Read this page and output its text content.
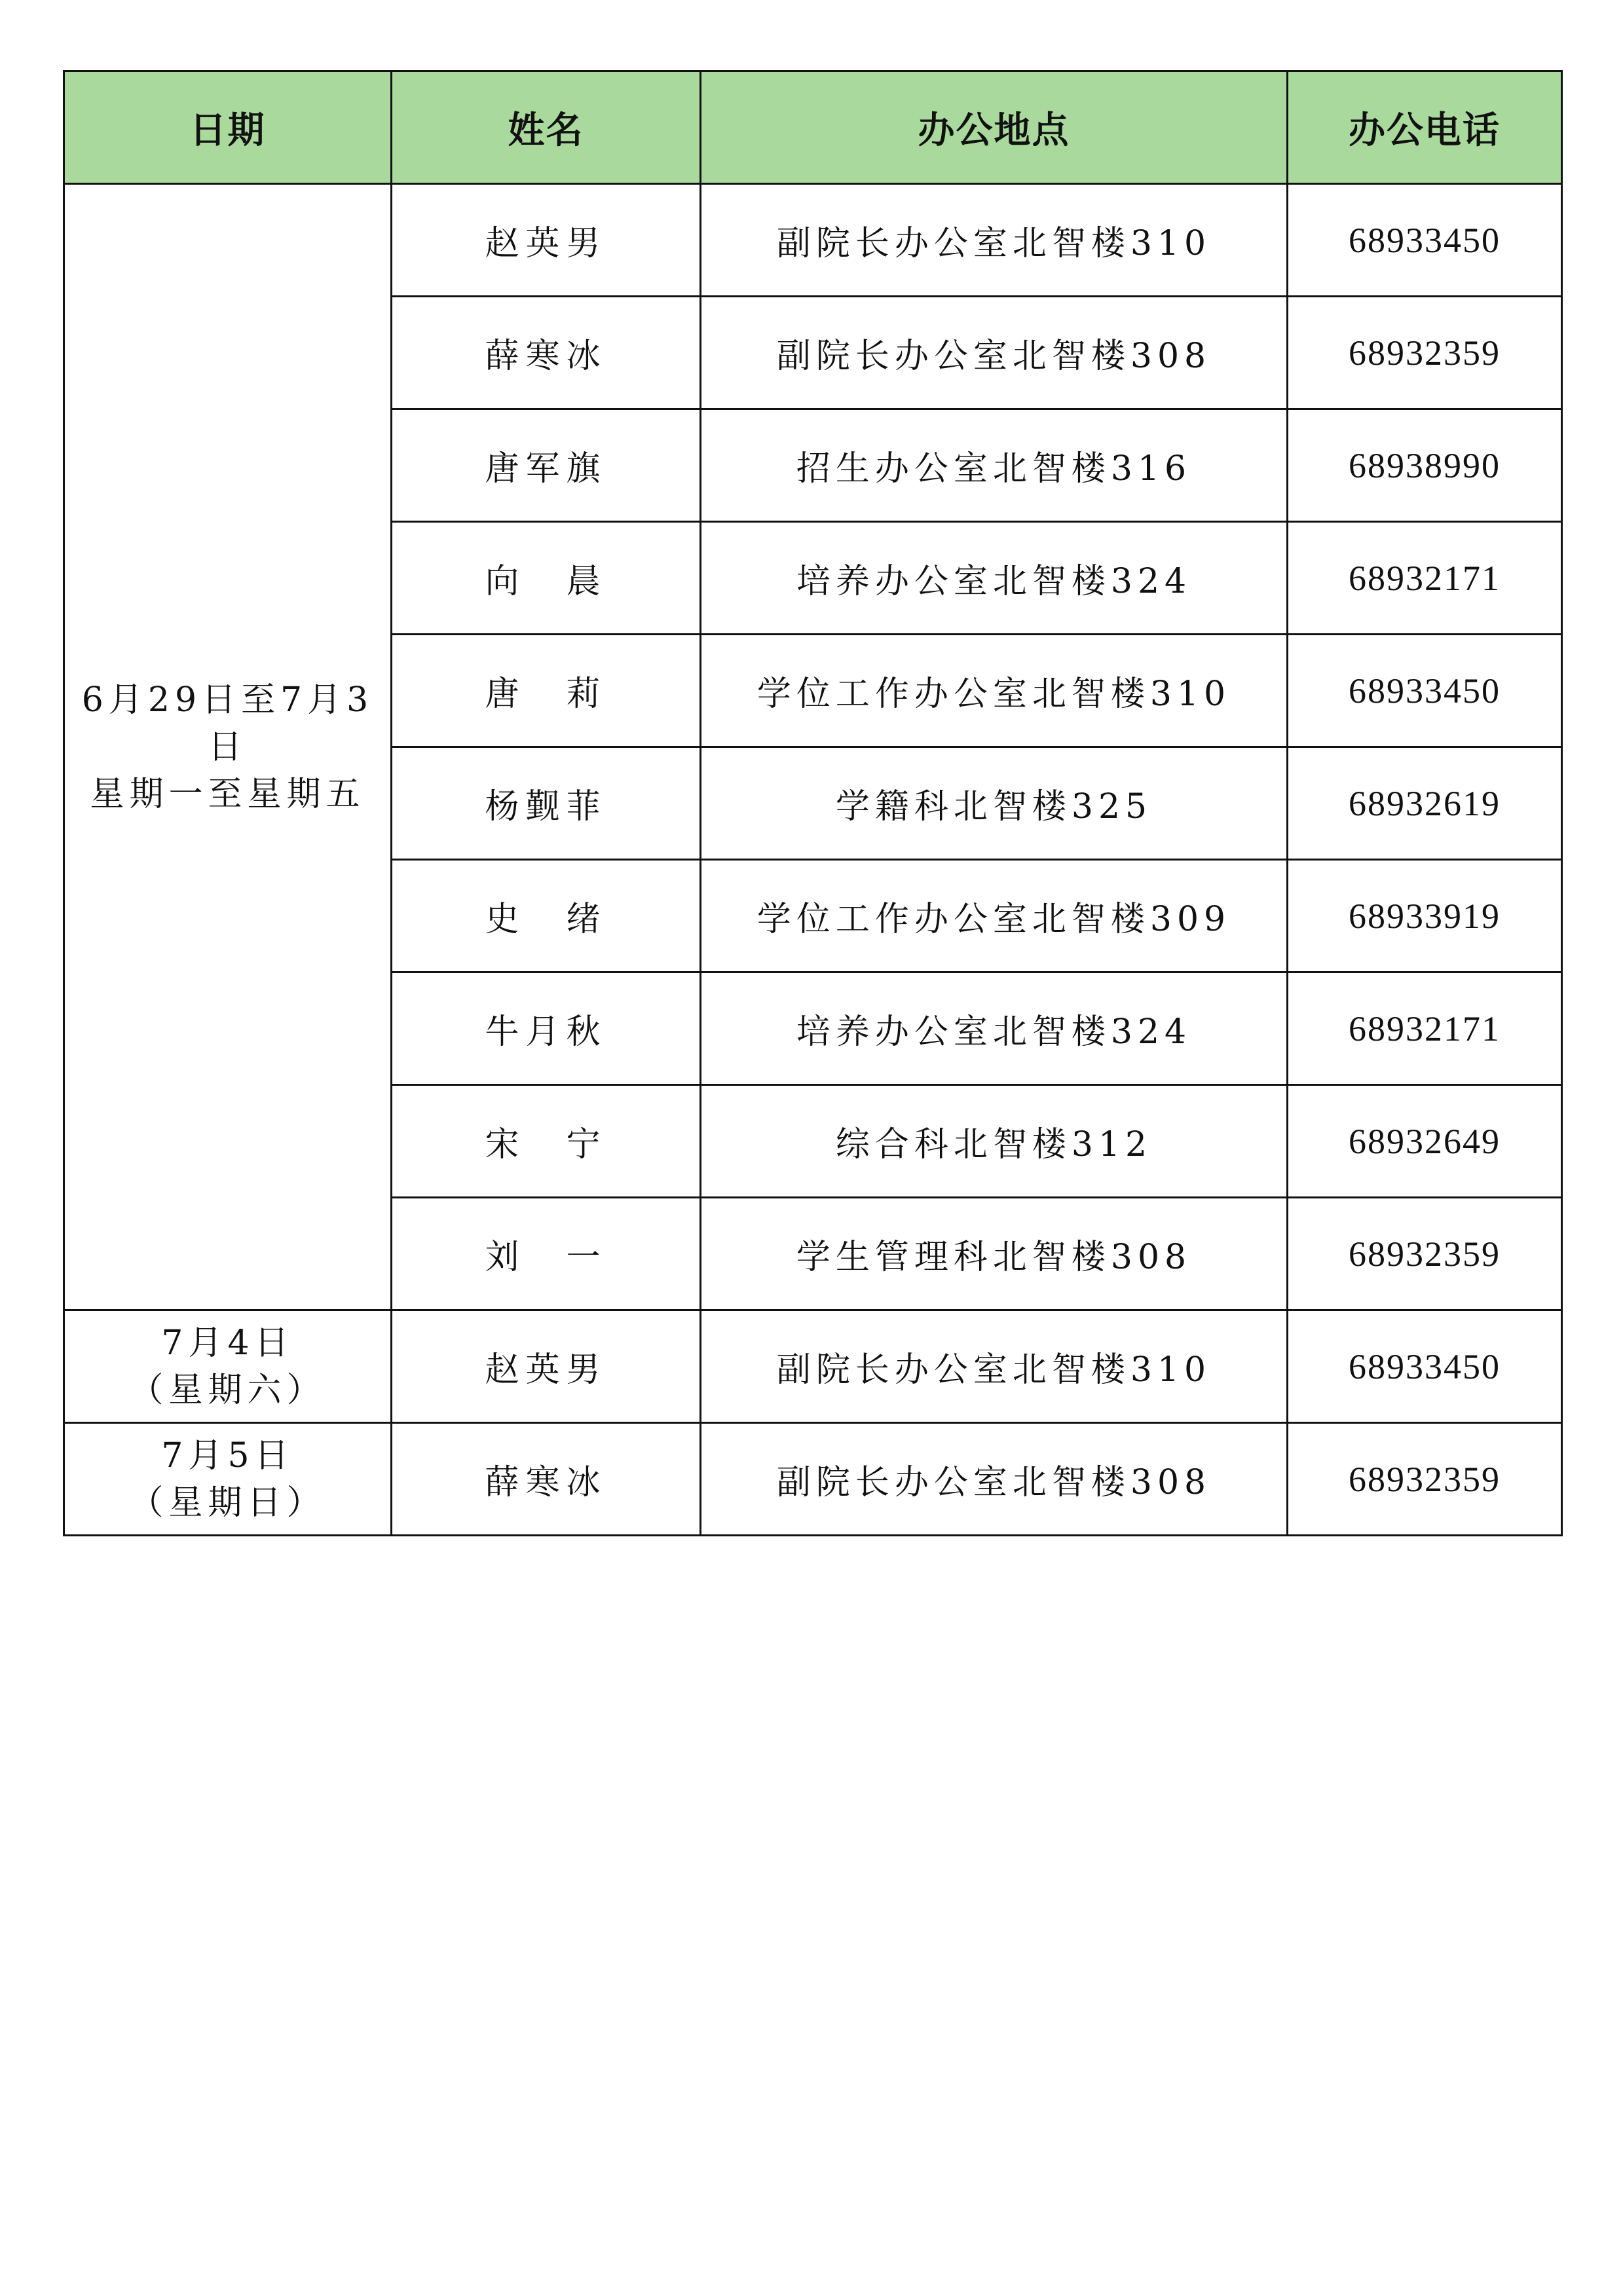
日期	姓名	办公地点	办公电话

6月29日至7月3日
星期一至星期五	赵英男	副院长办公室北智楼310	68933450
	薛寒冰	副院长办公室北智楼308	68932359
	唐军旗	招生办公室北智楼316	68938990
	向　晨	培养办公室北智楼324	68932171
	唐　莉	学位工作办公室北智楼310	68933450
	杨觐菲	学籍科北智楼325	68932619
	史　绪	学位工作办公室北智楼309	68933919
	牛月秋	培养办公室北智楼324	68932171
	宋　宁	综合科北智楼312	68932649
	刘　一	学生管理科北智楼308	68932359

7月4日
（星期六）	赵英男	副院长办公室北智楼310	68933450

7月5日
（星期日）	薛寒冰	副院长办公室北智楼308	68932359
